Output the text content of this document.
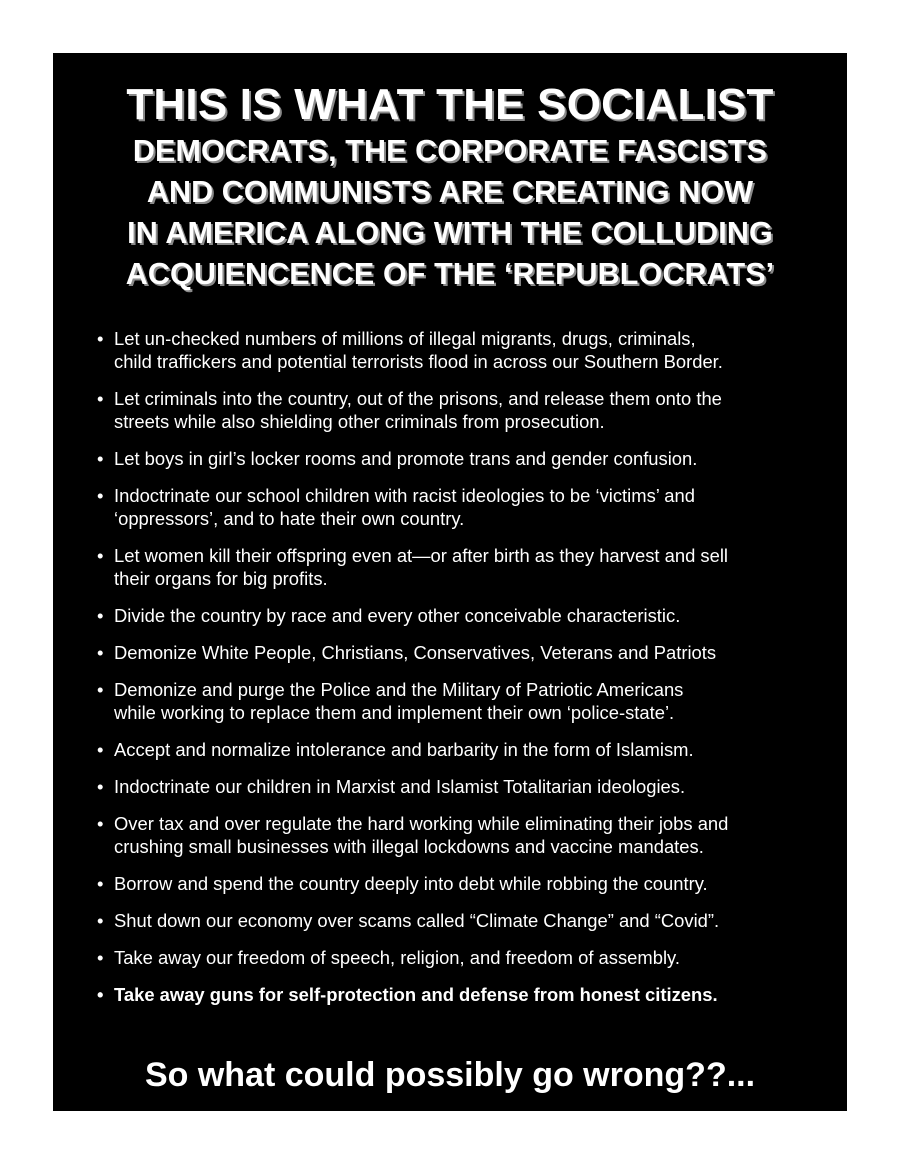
THIS IS WHAT THE SOCIALIST
DEMOCRATS, THE CORPORATE FASCISTS
AND COMMUNISTS ARE CREATING NOW
IN AMERICA ALONG WITH THE COLLUDING
ACQUIENCENCE OF THE ‘REPUBLOCRATS’
• Let un-checked numbers of millions of illegal migrants, drugs, criminals,
child traffickers and potential terrorists flood in across our Southern Border.
• Let criminals into the country, out of the prisons, and release them onto the
streets while also shielding other criminals from prosecution.
• Let boys in girl’s locker rooms and promote trans and gender confusion.
• Indoctrinate our school children with racist ideologies to be ‘victims’ and
‘oppressors’, and to hate their own country.
• Let women kill their offspring even at—or after birth as they harvest and sell
their organs for big profits.
• Divide the country by race and every other conceivable characteristic.
• Demonize White People, Christians, Conservatives, Veterans and Patriots
• Demonize and purge the Police and the Military of Patriotic Americans
while working to replace them and implement their own ‘police-state’.
• Accept and normalize intolerance and barbarity in the form of Islamism.
• Indoctrinate our children in Marxist and Islamist Totalitarian ideologies.
• Over tax and over regulate the hard working while eliminating their jobs and
crushing small businesses with illegal lockdowns and vaccine mandates.
• Borrow and spend the country deeply into debt while robbing the country.
• Shut down our economy over scams called “Climate Change” and “Covid”.
• Take away our freedom of speech, religion, and freedom of assembly.
• Take away guns for self-protection and defense from honest citizens.
So what could possibly go wrong??...
